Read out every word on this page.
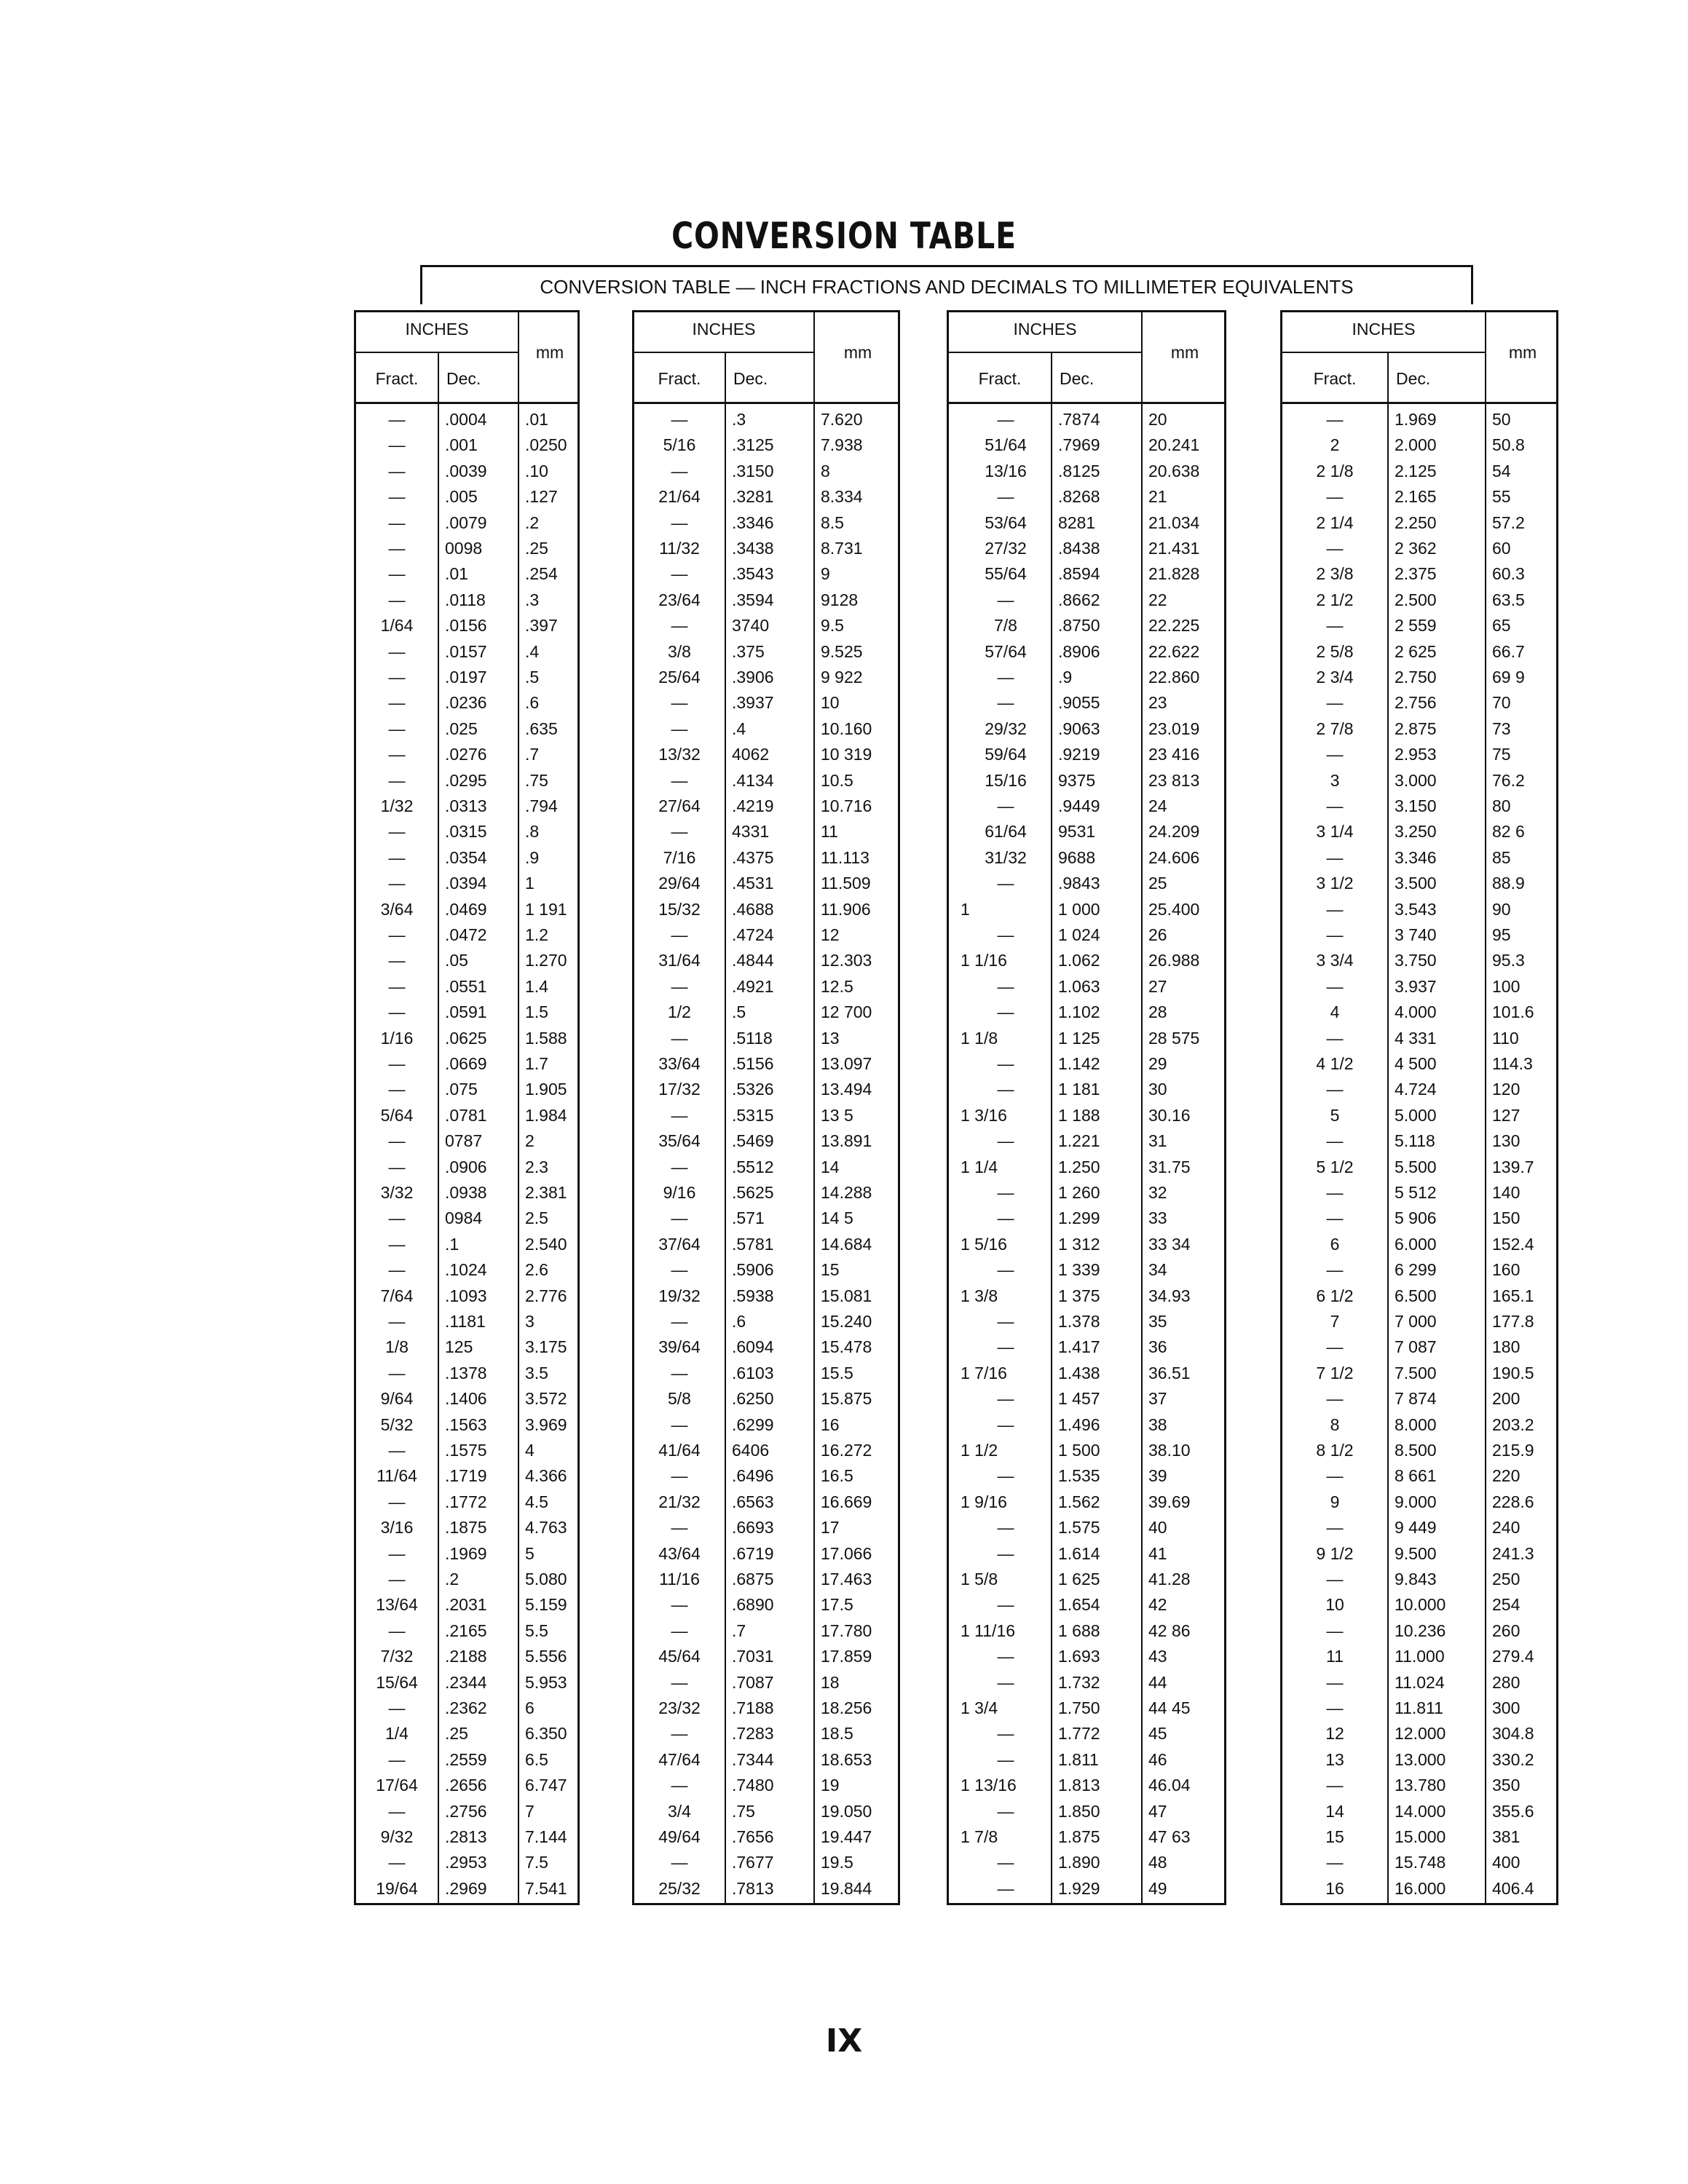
CONVERSION TABLE
CONVERSION TABLE — INCH FRACTIONS AND DECIMALS TO MILLIMETER EQUIVALENTS
INCHES
mm
Fract.	Dec.
—	.0004	.01
—	.001	.0250
—	.0039	.10
—	.005	.127
—	.0079	.2
—	0098	.25
—	.01	.254
—	.0118	.3
1/64	.0156	.397
—	.0157	.4
—	.0197	.5
—	.0236	.6
—	.025	.635
—	.0276	.7
—	.0295	.75
1/32	.0313	.794
—	.0315	.8
—	.0354	.9
—	.0394	1
3/64	.0469	1 191
—	.0472	1.2
—	.05	1.270
—	.0551	1.4
—	.0591	1.5
1/16	.0625	1.588
—	.0669	1.7
—	.075	1.905
5/64	.0781	1.984
—	0787	2
—	.0906	2.3
3/32	.0938	2.381
—	0984	2.5
—	.1	2.540
—	.1024	2.6
7/64	.1093	2.776
—	.1181	3
1/8	125	3.175
—	.1378	3.5
9/64	.1406	3.572
5/32	.1563	3.969
—	.1575	4
11/64	.1719	4.366
—	.1772	4.5
3/16	.1875	4.763
—	.1969	5
—	.2	5.080
13/64	.2031	5.159
—	.2165	5.5
7/32	.2188	5.556
15/64	.2344	5.953
—	.2362	6
1/4	.25	6.350
—	.2559	6.5
17/64	.2656	6.747
—	.2756	7
9/32	.2813	7.144
—	.2953	7.5
19/64	.2969	7.541
INCHES
mm
Fract.	Dec.
—	.3	7.620
5/16	.3125	7.938
—	.3150	8
21/64	.3281	8.334
—	.3346	8.5
11/32	.3438	8.731
—	.3543	9
23/64	.3594	9128
—	3740	9.5
3/8	.375	9.525
25/64	.3906	9 922
—	.3937	10
—	.4	10.160
13/32	4062	10 319
—	.4134	10.5
27/64	.4219	10.716
—	4331	11
7/16	.4375	11.113
29/64	.4531	11.509
15/32	.4688	11.906
—	.4724	12
31/64	.4844	12.303
—	.4921	12.5
1/2	.5	12 700
—	.5118	13
33/64	.5156	13.097
17/32	.5326	13.494
—	.5315	13 5
35/64	.5469	13.891
—	.5512	14
9/16	.5625	14.288
—	.571	14 5
37/64	.5781	14.684
—	.5906	15
19/32	.5938	15.081
—	.6	15.240
39/64	.6094	15.478
—	.6103	15.5
5/8	.6250	15.875
—	.6299	16
41/64	6406	16.272
—	.6496	16.5
21/32	.6563	16.669
—	.6693	17
43/64	.6719	17.066
11/16	.6875	17.463
—	.6890	17.5
—	.7	17.780
45/64	.7031	17.859
—	.7087	18
23/32	.7188	18.256
—	.7283	18.5
47/64	.7344	18.653
—	.7480	19
3/4	.75	19.050
49/64	.7656	19.447
—	.7677	19.5
25/32	.7813	19.844
INCHES
mm
Fract.	Dec.
—	.7874	20
51/64	.7969	20.241
13/16	.8125	20.638
—	.8268	21
53/64	8281	21.034
27/32	.8438	21.431
55/64	.8594	21.828
—	.8662	22
7/8	.8750	22.225
57/64	.8906	22.622
—	.9	22.860
—	.9055	23
29/32	.9063	23.019
59/64	.9219	23 416
15/16	9375	23 813
—	.9449	24
61/64	9531	24.209
31/32	9688	24.606
—	.9843	25
1	1 000	25.400
—	1 024	26
1 1/16	1.062	26.988
—	1.063	27
—	1.102	28
1 1/8	1 125	28 575
—	1.142	29
—	1 181	30
1 3/16	1 188	30.16
—	1.221	31
1 1/4	1.250	31.75
—	1 260	32
—	1.299	33
1 5/16	1 312	33 34
—	1 339	34
1 3/8	1 375	34.93
—	1.378	35
—	1.417	36
1 7/16	1.438	36.51
—	1 457	37
—	1.496	38
1 1/2	1 500	38.10
—	1.535	39
1 9/16	1.562	39.69
—	1.575	40
—	1.614	41
1 5/8	1 625	41.28
—	1.654	42
1 11/16	1 688	42 86
—	1.693	43
—	1.732	44
1 3/4	1.750	44 45
—	1.772	45
—	1.811	46
1 13/16	1.813	46.04
—	1.850	47
1 7/8	1.875	47 63
—	1.890	48
—	1.929	49
INCHES
mm
Fract.	Dec.
—	1.969	50
2	2.000	50.8
2 1/8	2.125	54
—	2.165	55
2 1/4	2.250	57.2
—	2 362	60
2 3/8	2.375	60.3
2 1/2	2.500	63.5
—	2 559	65
2 5/8	2 625	66.7
2 3/4	2.750	69 9
—	2.756	70
2 7/8	2.875	73
—	2.953	75
3	3.000	76.2
—	3.150	80
3 1/4	3.250	82 6
—	3.346	85
3 1/2	3.500	88.9
—	3.543	90
—	3 740	95
3 3/4	3.750	95.3
—	3.937	100
4	4.000	101.6
—	4 331	110
4 1/2	4 500	114.3
—	4.724	120
5	5.000	127
—	5.118	130
5 1/2	5.500	139.7
—	5 512	140
—	5 906	150
6	6.000	152.4
—	6 299	160
6 1/2	6.500	165.1
7	7 000	177.8
—	7 087	180
7 1/2	7.500	190.5
—	7 874	200
8	8.000	203.2
8 1/2	8.500	215.9
—	8 661	220
9	9.000	228.6
—	9 449	240
9 1/2	9.500	241.3
—	9.843	250
10	10.000	254
—	10.236	260
11	11.000	279.4
—	11.024	280
—	11.811	300
12	12.000	304.8
13	13.000	330.2
—	13.780	350
14	14.000	355.6
15	15.000	381
—	15.748	400
16	16.000	406.4
IX
